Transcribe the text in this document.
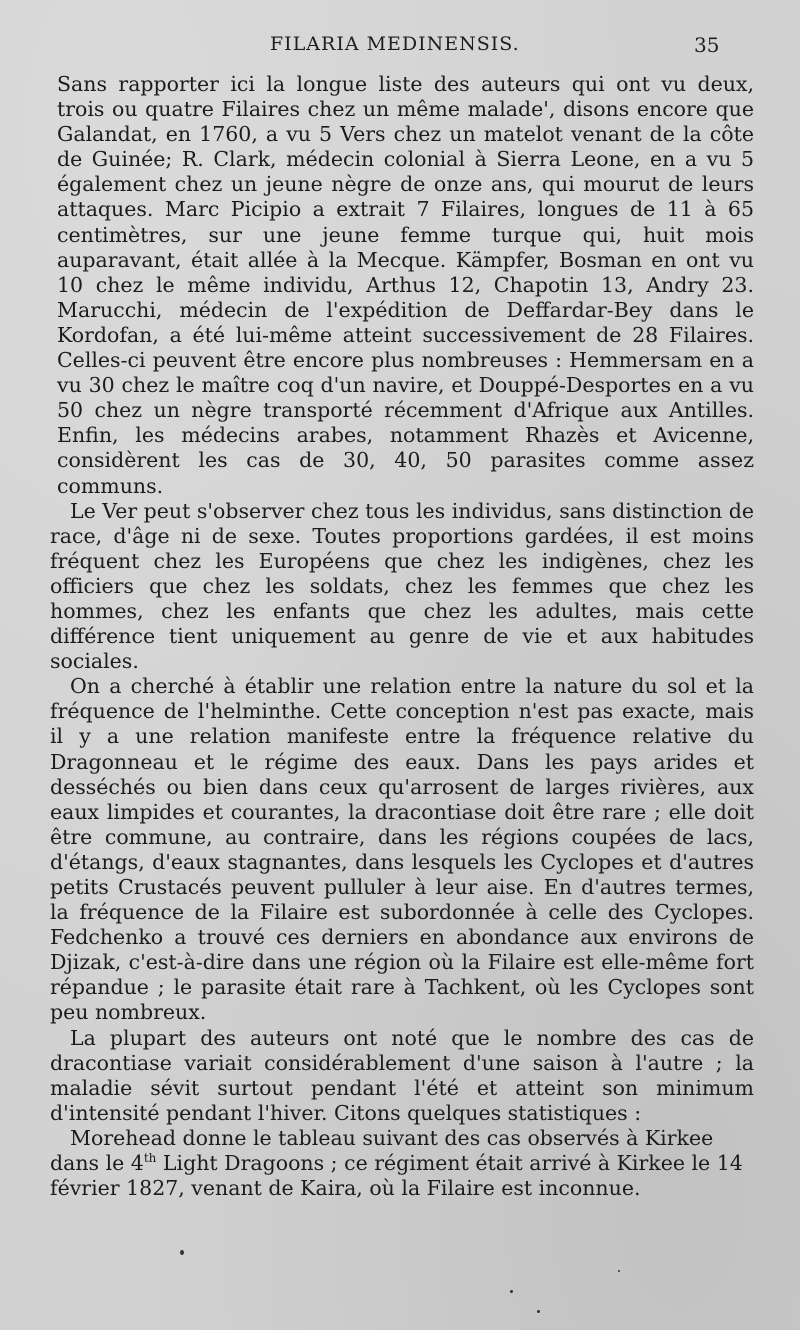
FILARIA MEDINENSIS.	35

Sans rapporter ici la longue liste des auteurs qui ont vu deux, trois ou quatre Filaires chez un même malade', disons encore que Galandat, en 1760, a vu 5 Vers chez un matelot venant de la côte de Guinée; R. Clark, médecin colonial à Sierra Leone, en a vu 5 également chez un jeune nègre de onze ans, qui mourut de leurs attaques. Marc Picipio a extrait 7 Filaires, longues de 11 à 65 centimètres, sur une jeune femme turque qui, huit mois auparavant, était allée à la Mecque. Kämpfer, Bosman en ont vu 10 chez le même individu, Arthus 12, Chapotin 13, Andry 23. Marucchi, médecin de l'expédition de Deffardar-Bey dans le Kordofan, a été lui-même atteint successivement de 28 Filaires. Celles-ci peuvent être encore plus nombreuses : Hemmersam en a vu 30 chez le maître coq d'un navire, et Douppé-Desportes en a vu 50 chez un nègre transporté récemment d'Afrique aux Antilles. Enfin, les médecins arabes, notamment Rhazès et Avicenne, considèrent les cas de 30, 40, 50 parasites comme assez communs.

Le Ver peut s'observer chez tous les individus, sans distinction de race, d'âge ni de sexe. Toutes proportions gardées, il est moins fréquent chez les Européens que chez les indigènes, chez les officiers que chez les soldats, chez les femmes que chez les hommes, chez les enfants que chez les adultes, mais cette différence tient uniquement au genre de vie et aux habitudes sociales.

On a cherché à établir une relation entre la nature du sol et la fréquence de l'helminthe. Cette conception n'est pas exacte, mais il y a une relation manifeste entre la fréquence relative du Dragonneau et le régime des eaux. Dans les pays arides et desséchés ou bien dans ceux qu'arrosent de larges rivières, aux eaux limpides et courantes, la dracontiase doit être rare ; elle doit être commune, au contraire, dans les régions coupées de lacs, d'étangs, d'eaux stagnantes, dans lesquels les Cyclopes et d'autres petits Crustacés peuvent pulluler à leur aise. En d'autres termes, la fréquence de la Filaire est subordonnée à celle des Cyclopes. Fedchenko a trouvé ces derniers en abondance aux environs de Djizak, c'est-à-dire dans une région où la Filaire est elle-même fort répandue ; le parasite était rare à Tachkent, où les Cyclopes sont peu nombreux.

La plupart des auteurs ont noté que le nombre des cas de dracontiase variait considérablement d'une saison à l'autre ; la maladie sévit surtout pendant l'été et atteint son minimum d'intensité pendant l'hiver. Citons quelques statistiques :

Morehead donne le tableau suivant des cas observés à Kirkee dans le 4th Light Dragoons ; ce régiment était arrivé à Kirkee le 14 février 1827, venant de Kaira, où la Filaire est inconnue.
